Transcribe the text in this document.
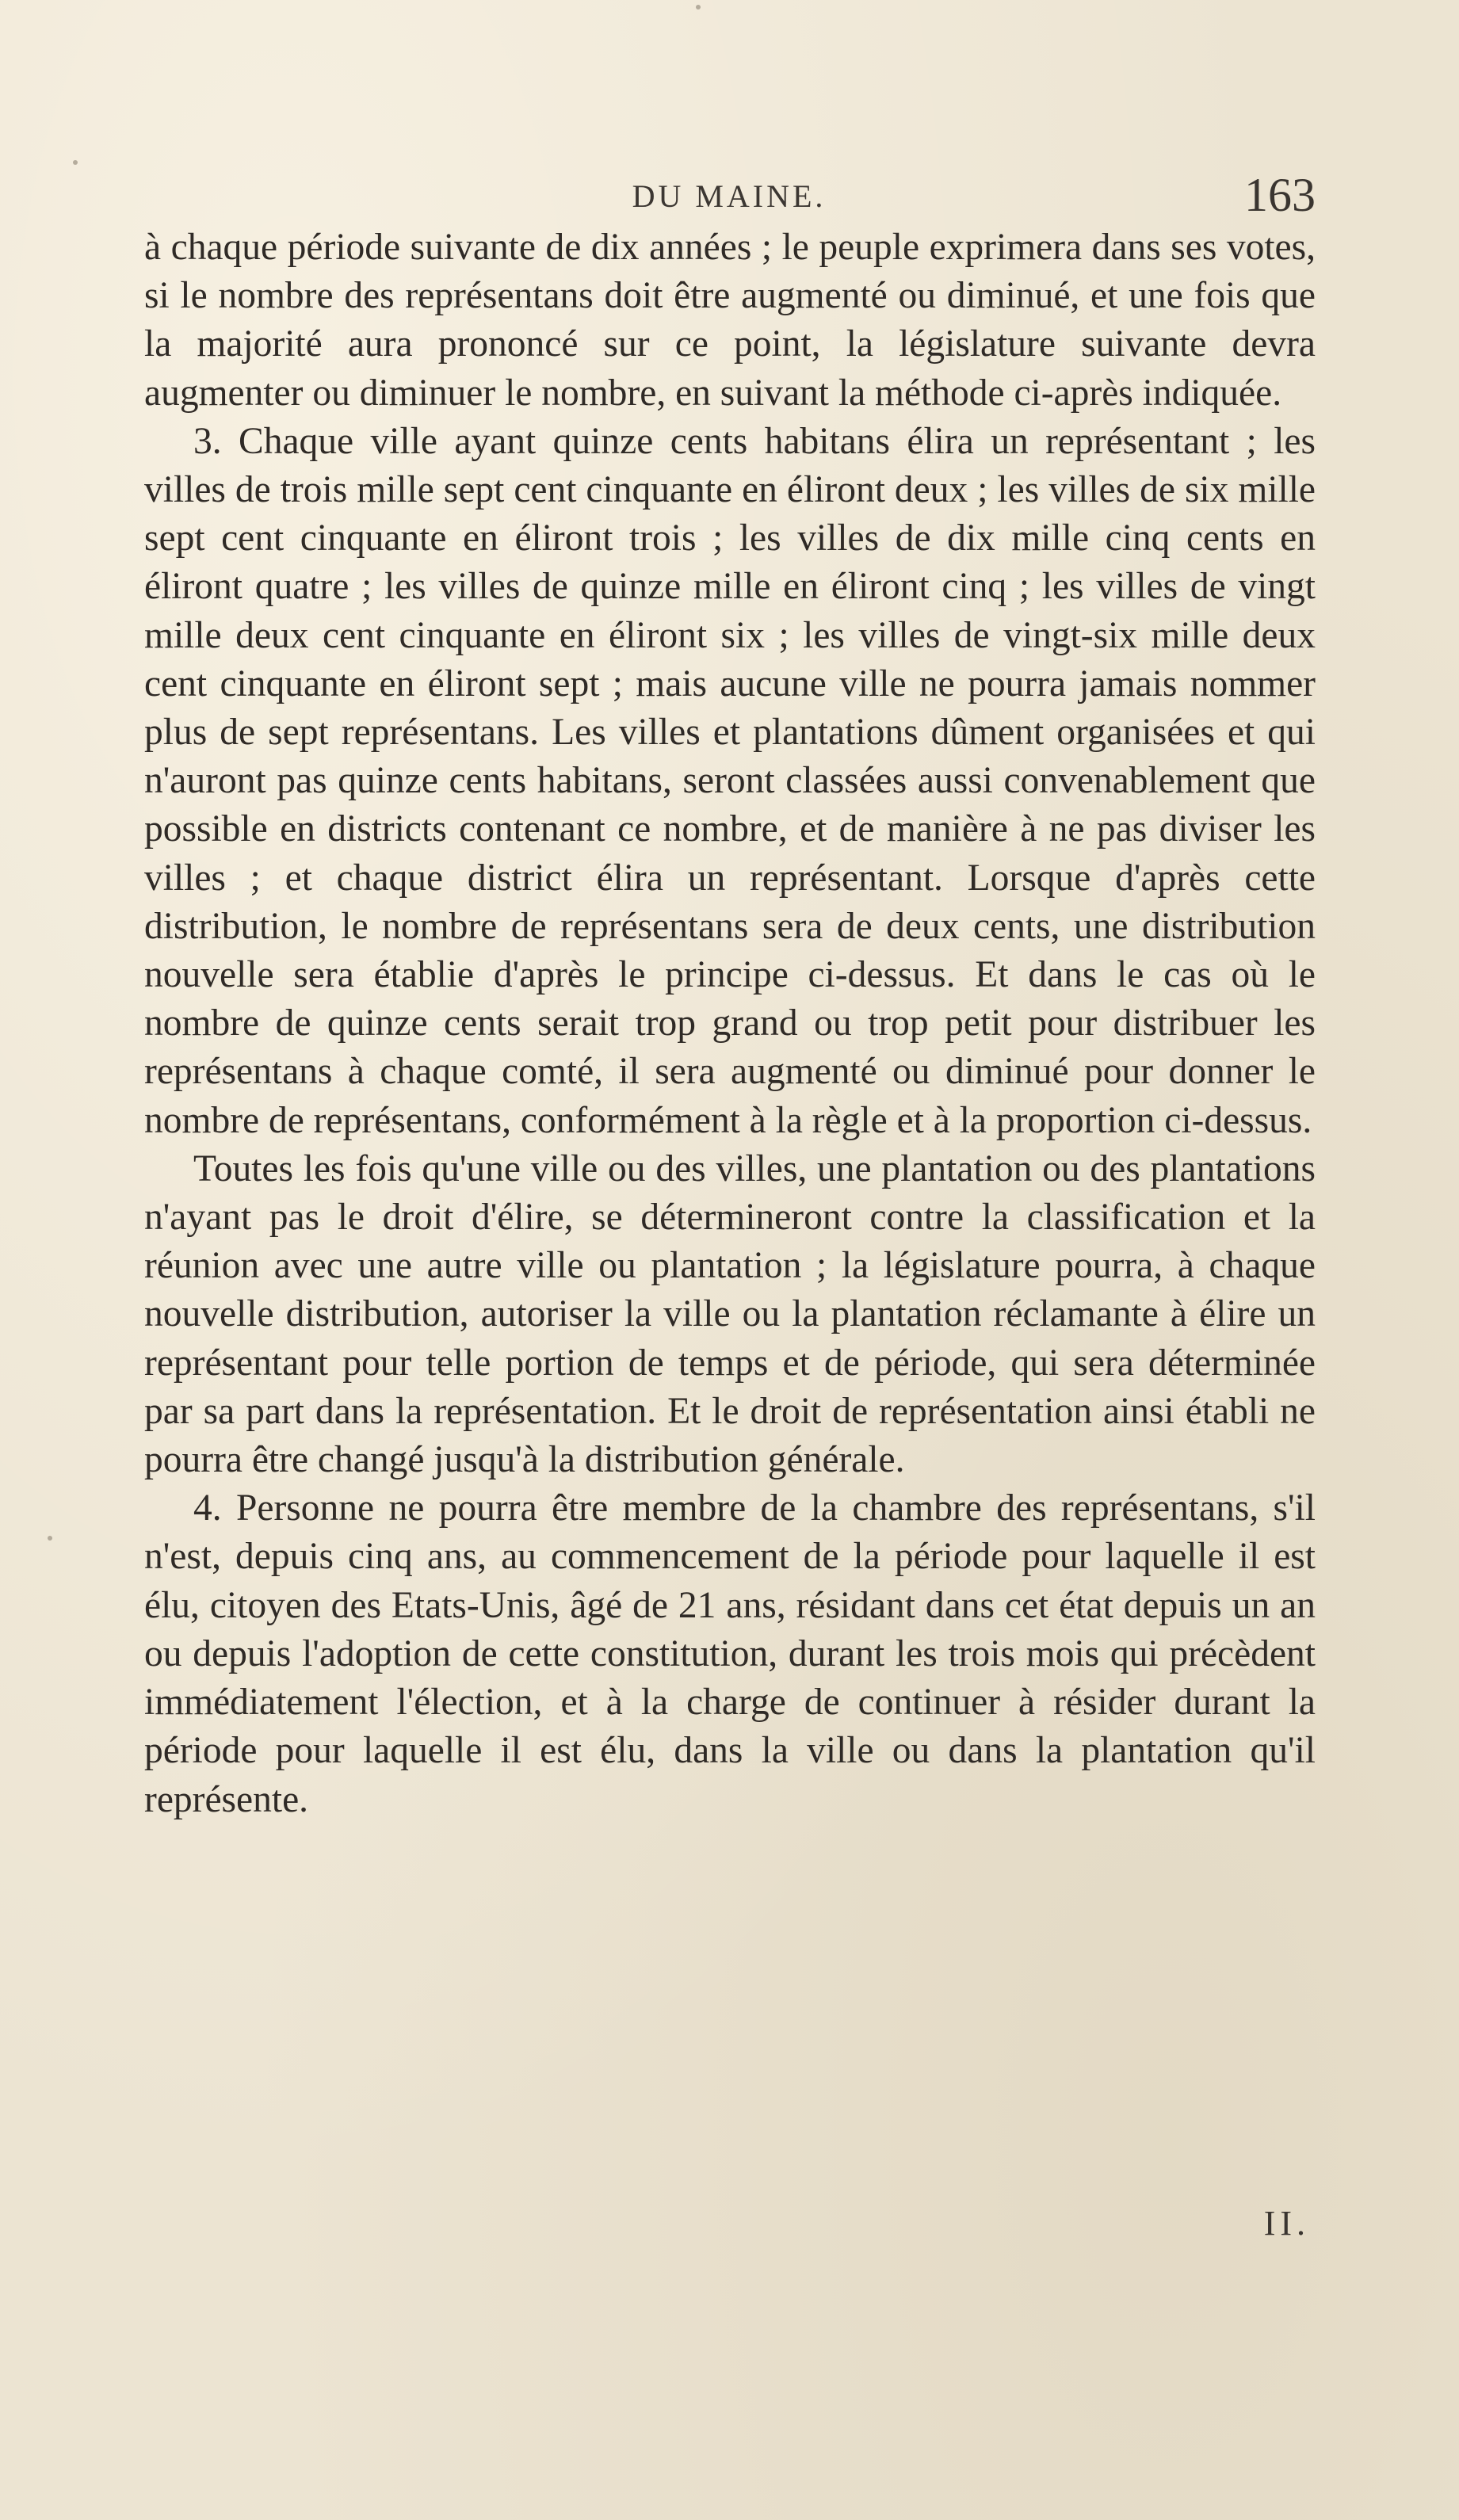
DU MAINE.	163

à chaque période suivante de dix années ; le peuple exprimera dans ses votes, si le nombre des représentans doit être augmenté ou diminué, et une fois que la majorité aura prononcé sur ce point, la législature suivante devra augmenter ou diminuer le nombre, en suivant la méthode ci-après indiquée.

3. Chaque ville ayant quinze cents habitans élira un représentant ; les villes de trois mille sept cent cinquante en éliront deux ; les villes de six mille sept cent cinquante en éliront trois ; les villes de dix mille cinq cents en éliront quatre ; les villes de quinze mille en éliront cinq ; les villes de vingt mille deux cent cinquante en éliront six ; les villes de vingt-six mille deux cent cinquante en éliront sept ; mais aucune ville ne pourra jamais nommer plus de sept représentans. Les villes et plantations dûment organisées et qui n'auront pas quinze cents habitans, seront classées aussi convenablement que possible en districts contenant ce nombre, et de manière à ne pas diviser les villes ; et chaque district élira un représentant. Lorsque d'après cette distribution, le nombre de représentans sera de deux cents, une distribution nouvelle sera établie d'après le principe ci-dessus. Et dans le cas où le nombre de quinze cents serait trop grand ou trop petit pour distribuer les représentans à chaque comté, il sera augmenté ou diminué pour donner le nombre de représentans, conformément à la règle et à la proportion ci-dessus.

Toutes les fois qu'une ville ou des villes, une plantation ou des plantations n'ayant pas le droit d'élire, se détermineront contre la classification et la réunion avec une autre ville ou plantation ; la législature pourra, à chaque nouvelle distribution, autoriser la ville ou la plantation réclamante à élire un représentant pour telle portion de temps et de période, qui sera déterminée par sa part dans la représentation. Et le droit de représentation ainsi établi ne pourra être changé jusqu'à la distribution générale.

4. Personne ne pourra être membre de la chambre des représentans, s'il n'est, depuis cinq ans, au commencement de la période pour laquelle il est élu, citoyen des Etats-Unis, âgé de 21 ans, résidant dans cet état depuis un an ou depuis l'adoption de cette constitution, durant les trois mois qui précèdent immédiatement l'élection, et à la charge de continuer à résider durant la période pour laquelle il est élu, dans la ville ou dans la plantation qu'il représente.

II.
